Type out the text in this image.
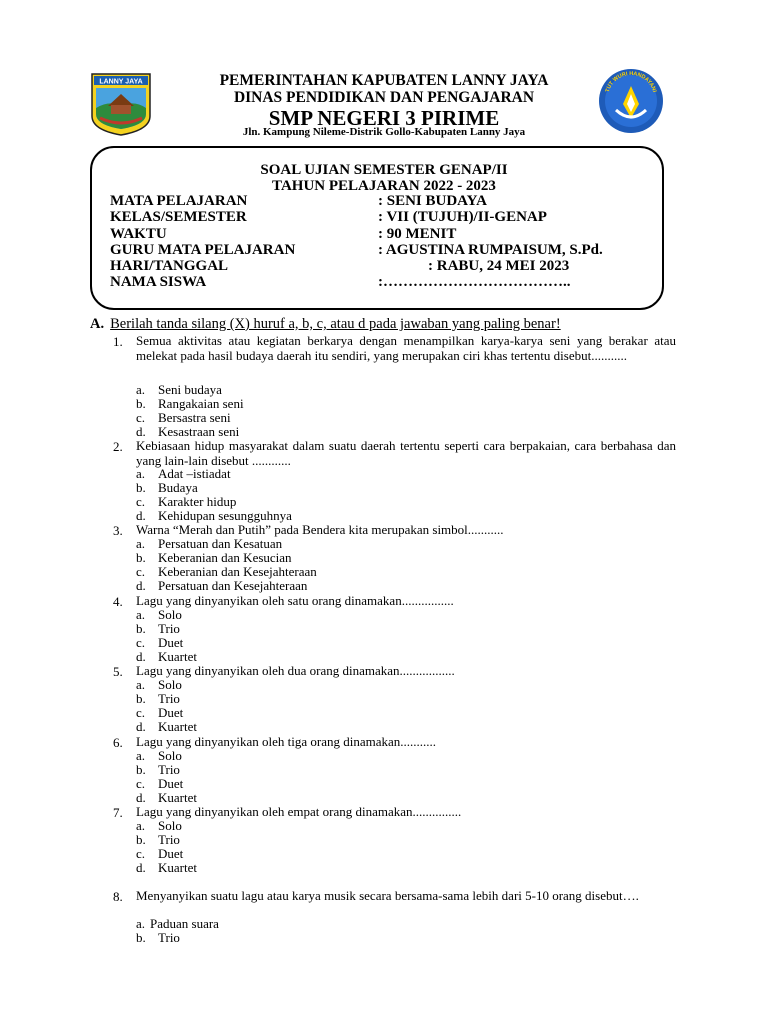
LANNY JAYA
TUT WURI HANDAYANI
PEMERINTAHAN KAPUBATEN LANNY JAYA
DINAS PENDIDIKAN DAN PENGAJARAN
SMP NEGERI 3 PIRIME
Jln. Kampung Nileme-Distrik Gollo-Kabupaten Lanny Jaya
SOAL UJIAN SEMESTER GENAP/II
TAHUN PELAJARAN 2022 - 2023
MATA PELAJARAN	: SENI BUDAYA
KELAS/SEMESTER	: VII (TUJUH)/II-GENAP
WAKTU	: 90 MENIT
GURU MATA PELAJARAN	: AGUSTINA RUMPAISUM, S.Pd.
HARI/TANGGAL	: RABU, 24 MEI 2023
NAMA SISWA	:………………………………..
A. Berilah tanda silang (X) huruf a, b, c, atau d pada jawaban yang paling benar!
1. Semua aktivitas atau kegiatan berkarya dengan menampilkan karya-karya seni yang berakar atau melekat pada hasil budaya daerah itu sendiri, yang merupakan ciri khas tertentu disebut...........
a. Seni budaya
b. Rangakaian seni
c. Bersastra seni
d. Kesastraan seni
2. Kebiasaan hidup masyarakat dalam suatu daerah tertentu seperti cara berpakaian, cara berbahasa dan yang lain-lain disebut ............
a. Adat –istiadat
b. Budaya
c. Karakter hidup
d. Kehidupan sesungguhnya
3. Warna “Merah dan Putih” pada Bendera kita merupakan simbol...........
a. Persatuan dan Kesatuan
b. Keberanian dan Kesucian
c. Keberanian dan Kesejahteraan
d. Persatuan dan Kesejahteraan
4. Lagu yang dinyanyikan oleh satu orang dinamakan................
a. Solo
b. Trio
c. Duet
d. Kuartet
5. Lagu yang dinyanyikan oleh dua orang dinamakan.................
a. Solo
b. Trio
c. Duet
d. Kuartet
6. Lagu yang dinyanyikan oleh tiga orang dinamakan...........
a. Solo
b. Trio
c. Duet
d. Kuartet
7. Lagu yang dinyanyikan oleh empat orang dinamakan...............
a. Solo
b. Trio
c. Duet
d. Kuartet
8. Menyanyikan suatu lagu atau karya musik secara bersama-sama lebih dari 5-10 orang disebut….
a. Paduan suara
b. Trio
